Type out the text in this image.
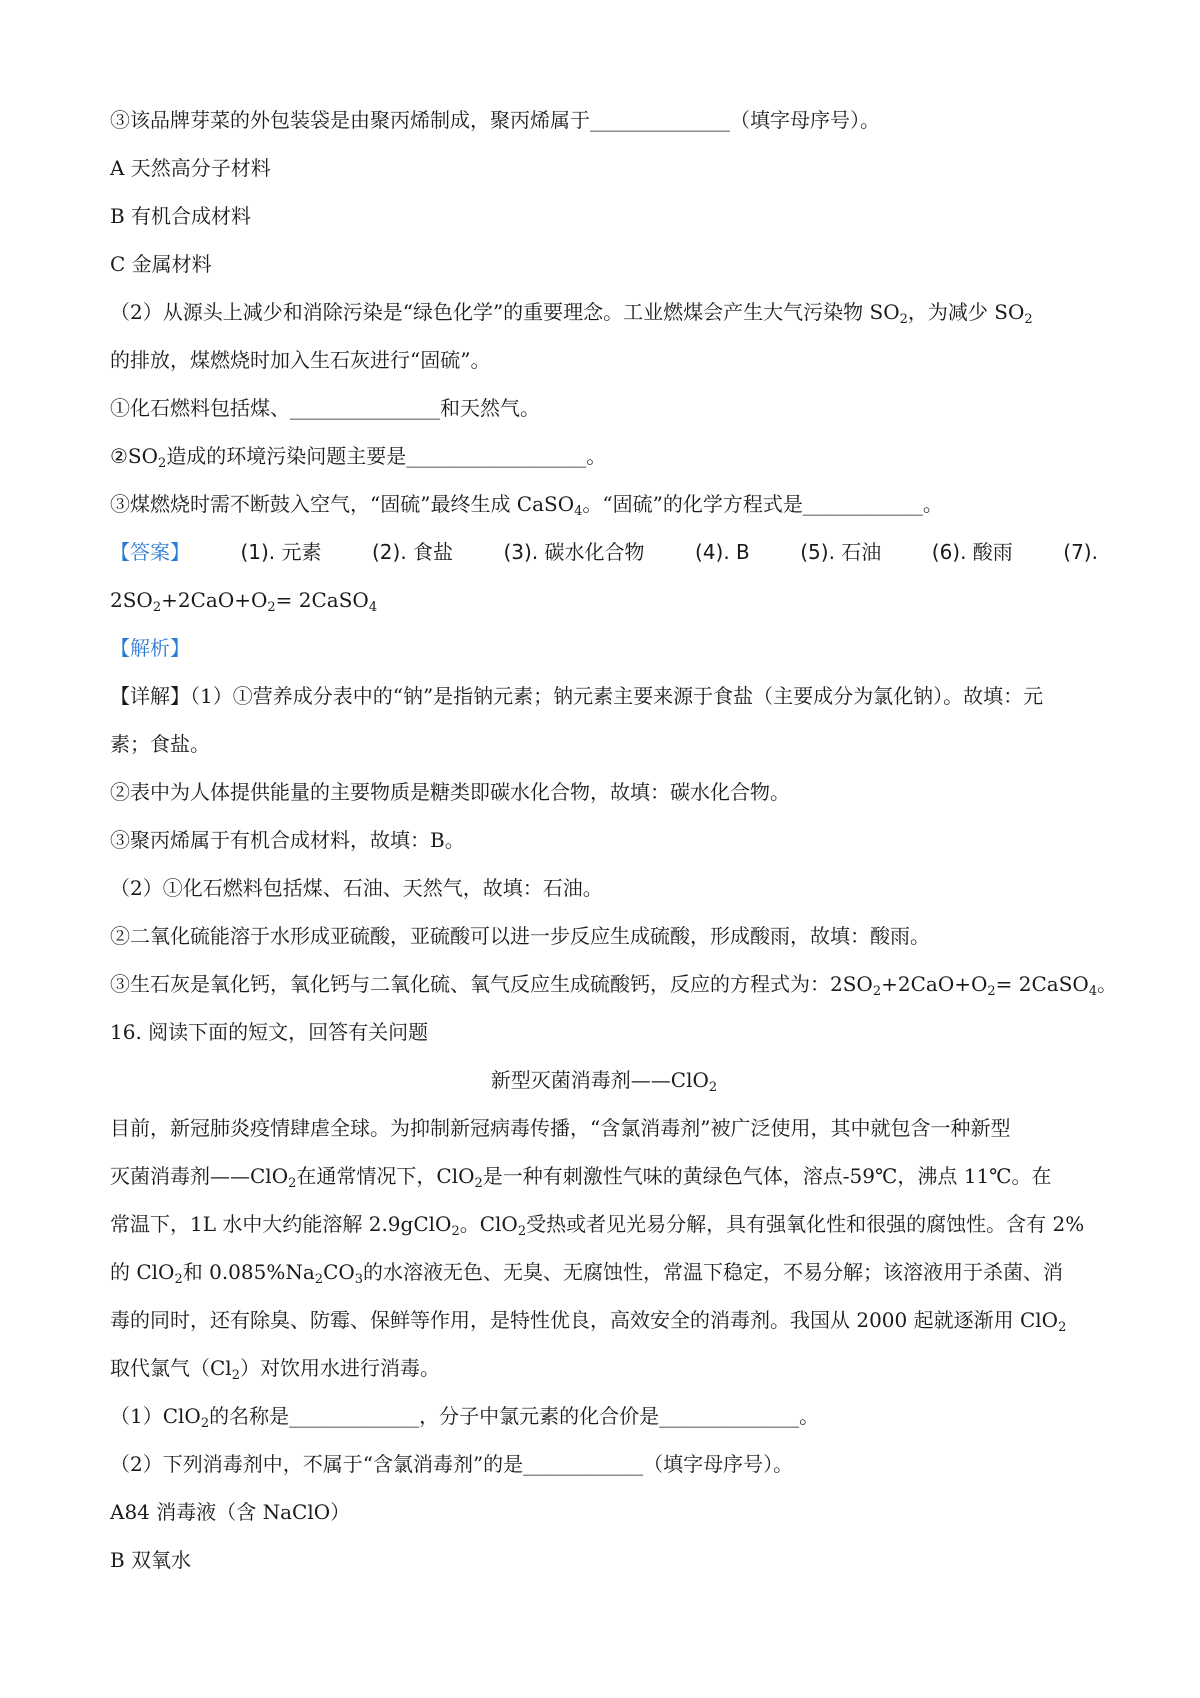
③该品牌芽菜的外包装袋是由聚丙烯制成，聚丙烯属于______________（填字母序号）。
A 天然高分子材料
B 有机合成材料
C 金属材料
（2）从源头上减少和消除污染是“绿色化学”的重要理念。工业燃煤会产生大气污染物 $SO_2$，为减少 $SO_2$
的排放，煤燃烧时加入生石灰进行“固硫”。
①化石燃料包括煤、_______________和天然气。
$②SO_2$造成的环境污染问题主要是__________________。
③煤燃烧时需不断鼓入空气，“固硫”最终生成 CaSO$_4$。“固硫”的化学方程式是____________。
【答案】	(1). 元素	(2). 食盐	(3). 碳水化合物	(4). B	(5). 石油	(6). 酸雨	(7).
$2SO_2+2CaO+O_2=$ 2CaSO$_4$
【解析】
【详解】（1）①营养成分表中的“钠”是指钠元素；钠元素主要来源于食盐（主要成分为氯化钠）。故填：元
素；食盐。
②表中为人体提供能量的主要物质是糖类即碳水化合物，故填：碳水化合物。
③聚丙烯属于有机合成材料，故填：B。
（2）①化石燃料包括煤、石油、天然气，故填：石油。
②二氧化硫能溶于水形成亚硫酸，亚硫酸可以进一步反应生成硫酸，形成酸雨，故填：酸雨。
③生石灰是氧化钙，氧化钙与二氧化硫、氧气反应生成硫酸钙，反应的方程式为：$2SO_2+2CaO+O_2=$ 2CaSO$_4$。
16. 阅读下面的短文，回答有关问题
新型灭菌消毒剂——ClO$_2$
目前，新冠肺炎疫情肆虐全球。为抑制新冠病毒传播，“含氯消毒剂”被广泛使用，其中就包含一种新型
灭菌消毒剂——ClO$_2$在通常情况下，ClO$_2$是一种有刺激性气味的黄绿色气体，溶点-59℃，沸点 11℃。在
常温下，1L 水中大约能溶解 2.9gClO$_2$。ClO$_2$受热或者见光易分解，具有强氧化性和很强的腐蚀性。含有 2%
的 ClO$_2$和 $0.085\%Na_2CO_3$的水溶液无色、无臭、无腐蚀性，常温下稳定，不易分解；该溶液用于杀菌、消
毒的同时，还有除臭、防霉、保鲜等作用，是特性优良，高效安全的消毒剂。我国从 2000 起就逐渐用 ClO$_2$
取代氯气$(Cl_2)$对饮用水进行消毒。
（1）ClO$_2$的名称是_____________，分子中氯元素的化合价是______________。
（2）下列消毒剂中，不属于“含氯消毒剂”的是____________（填字母序号）。
A84 消毒液（含 NaClO）
B 双氧水
